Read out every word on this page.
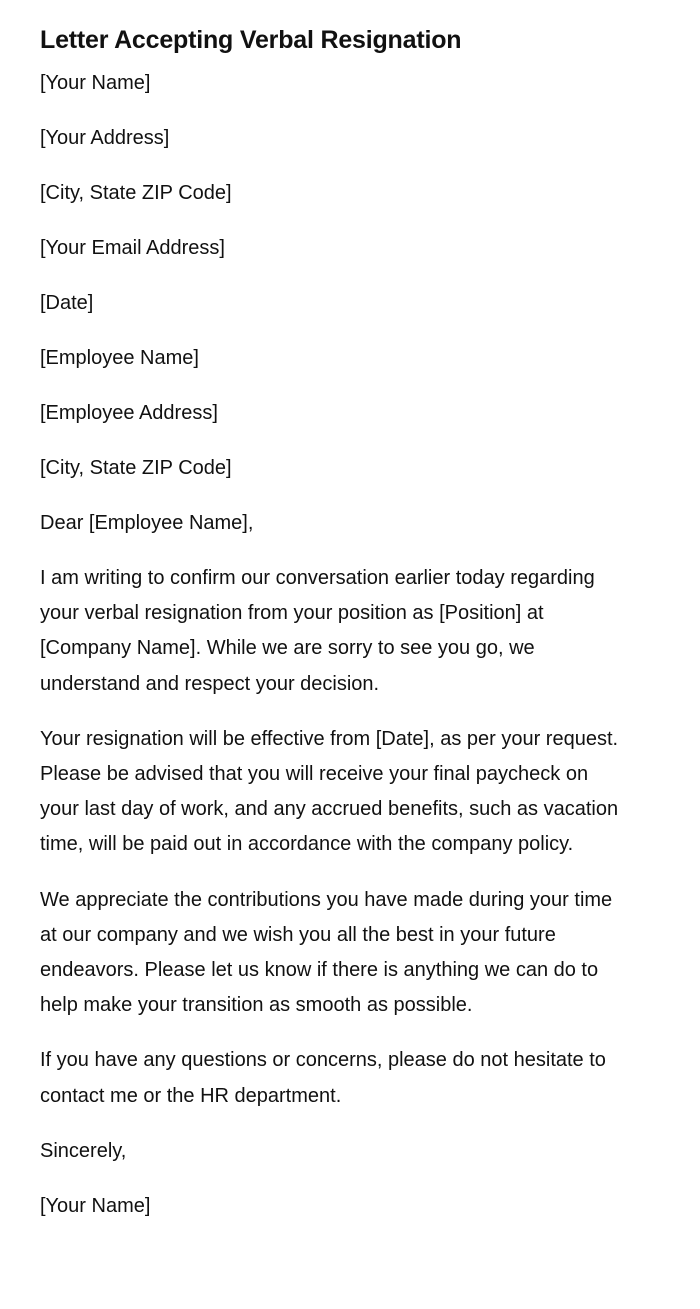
Letter Accepting Verbal Resignation
[Your Name]
[Your Address]
[City, State ZIP Code]
[Your Email Address]
[Date]
[Employee Name]
[Employee Address]
[City, State ZIP Code]
Dear [Employee Name],

I am writing to confirm our conversation earlier today regarding your verbal resignation from your position as [Position] at [Company Name]. While we are sorry to see you go, we understand and respect your decision.

Your resignation will be effective from [Date], as per your request. Please be advised that you will receive your final paycheck on your last day of work, and any accrued benefits, such as vacation time, will be paid out in accordance with the company policy.

We appreciate the contributions you have made during your time at our company and we wish you all the best in your future endeavors. Please let us know if there is anything we can do to help make your transition as smooth as possible.

If you have any questions or concerns, please do not hesitate to contact me or the HR department.

Sincerely,
[Your Name]
